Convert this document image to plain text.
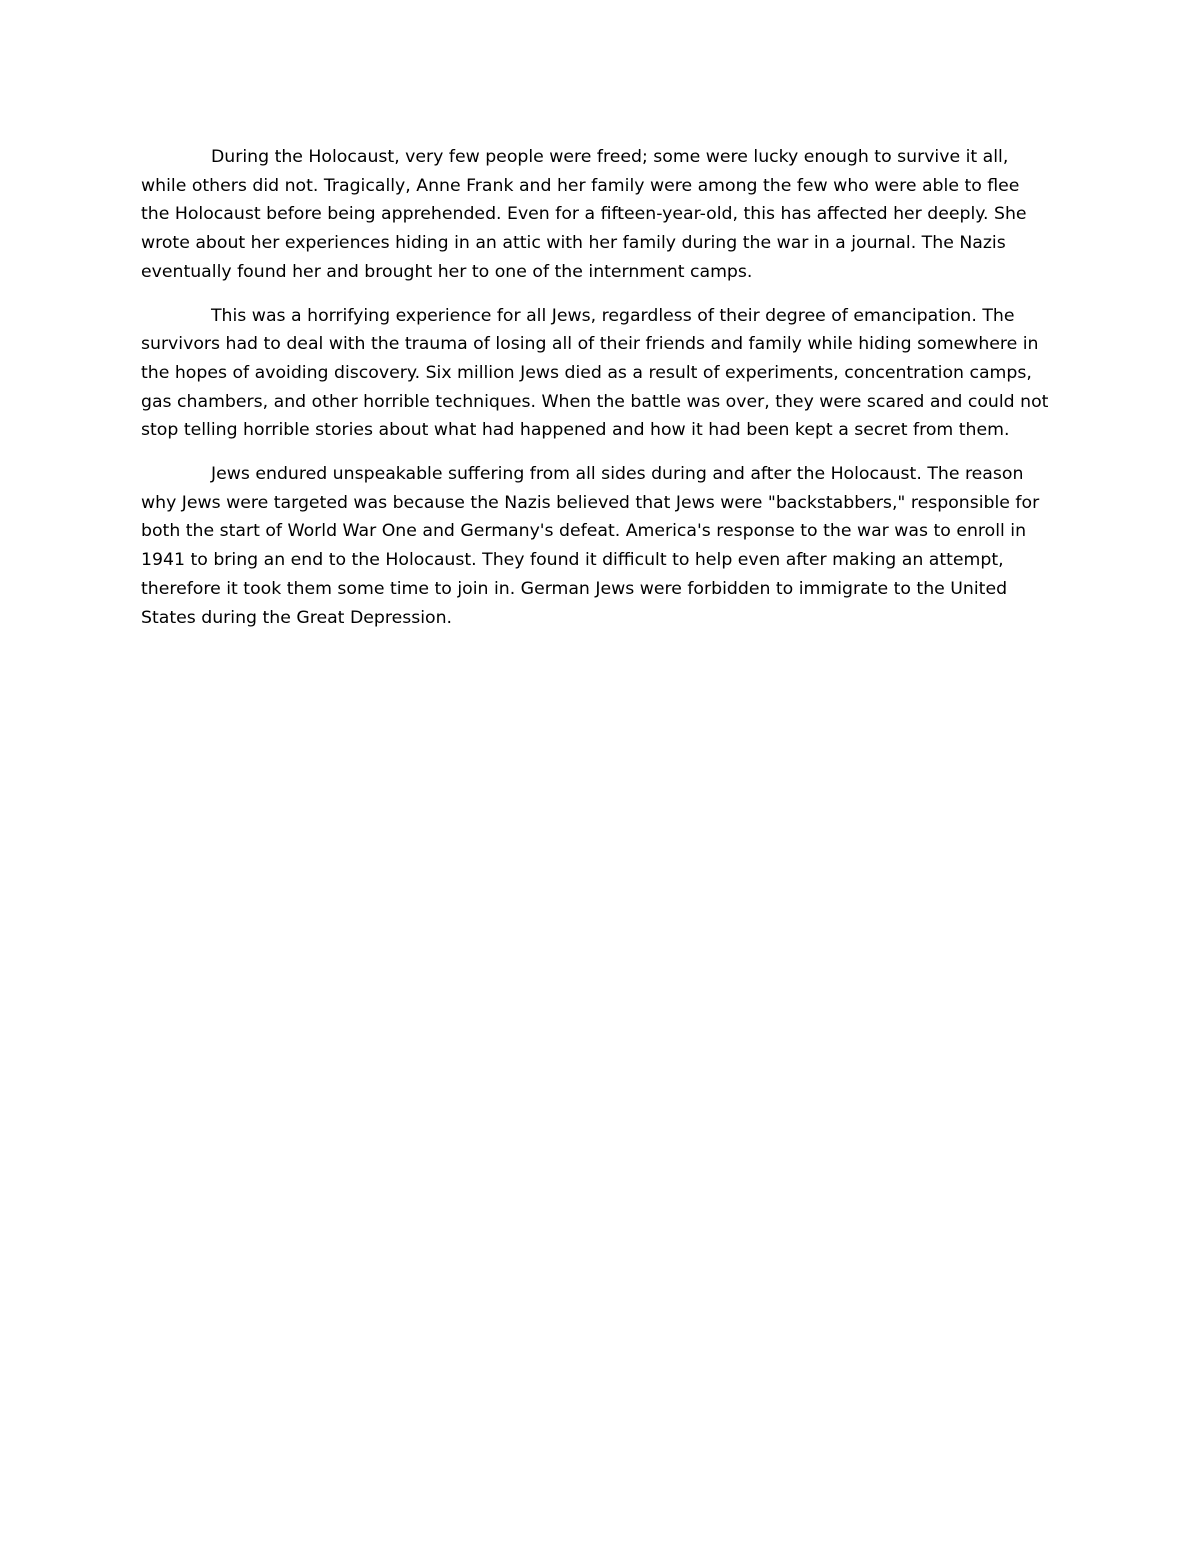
During the Holocaust, very few people were freed; some were lucky enough to survive it all,
while others did not. Tragically, Anne Frank and her family were among the few who were able to flee
the Holocaust before being apprehended. Even for a fifteen-year-old, this has affected her deeply. She
wrote about her experiences hiding in an attic with her family during the war in a journal. The Nazis
eventually found her and brought her to one of the internment camps.

This was a horrifying experience for all Jews, regardless of their degree of emancipation. The
survivors had to deal with the trauma of losing all of their friends and family while hiding somewhere in
the hopes of avoiding discovery. Six million Jews died as a result of experiments, concentration camps,
gas chambers, and other horrible techniques. When the battle was over, they were scared and could not
stop telling horrible stories about what had happened and how it had been kept a secret from them.

Jews endured unspeakable suffering from all sides during and after the Holocaust. The reason
why Jews were targeted was because the Nazis believed that Jews were "backstabbers," responsible for
both the start of World War One and Germany's defeat. America's response to the war was to enroll in
1941 to bring an end to the Holocaust. They found it difficult to help even after making an attempt,
therefore it took them some time to join in. German Jews were forbidden to immigrate to the United
States during the Great Depression.
